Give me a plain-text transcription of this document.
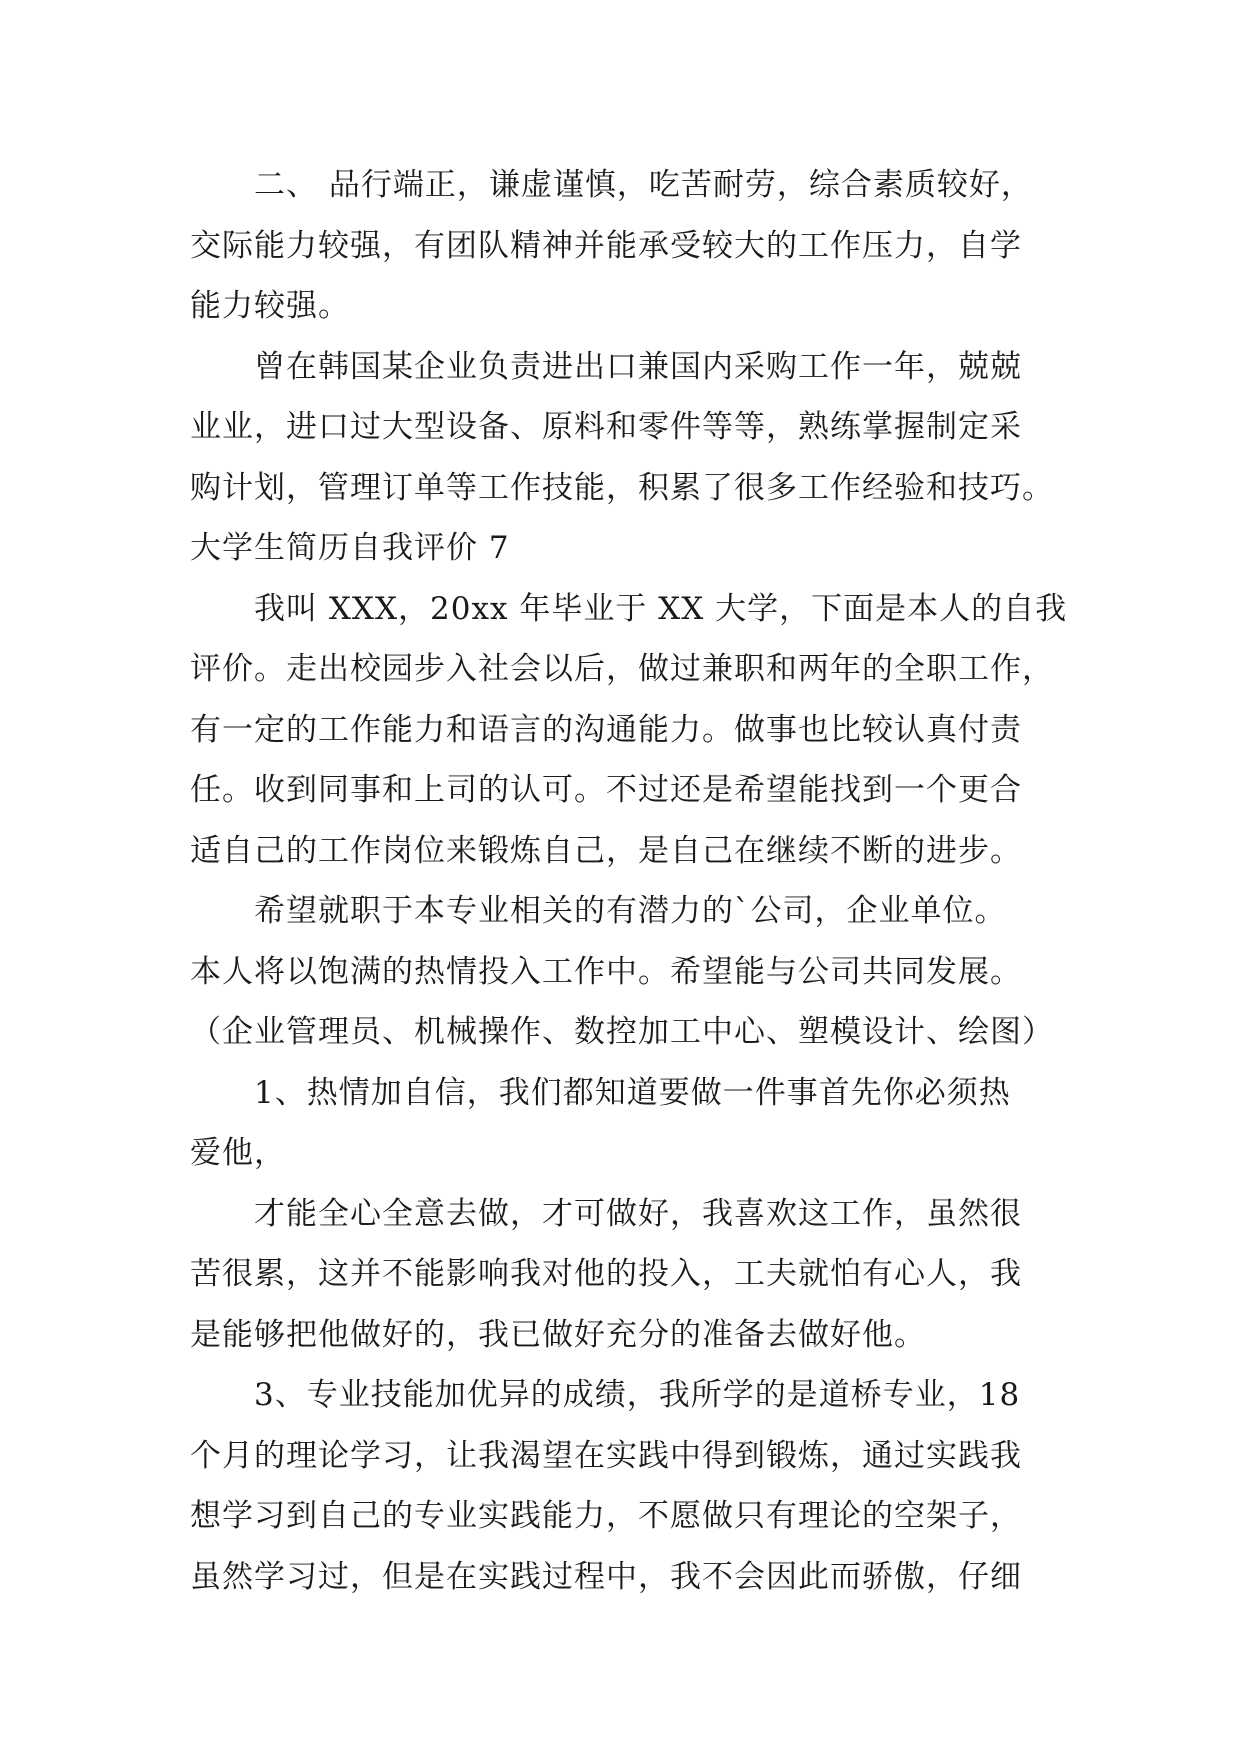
二、 品行端正，谦虚谨慎，吃苦耐劳，综合素质较好，
交际能力较强，有团队精神并能承受较大的工作压力，自学
能力较强。
曾在韩国某企业负责进出口兼国内采购工作一年，兢兢
业业，进口过大型设备、原料和零件等等，熟练掌握制定采
购计划，管理订单等工作技能，积累了很多工作经验和技巧。
大学生简历自我评价 7
我叫 XXX，20xx 年毕业于 XX 大学，下面是本人的自我
评价。走出校园步入社会以后，做过兼职和两年的全职工作，
有一定的工作能力和语言的沟通能力。做事也比较认真付责
任。收到同事和上司的认可。不过还是希望能找到一个更合
适自己的工作岗位来锻炼自己，是自己在继续不断的进步。
希望就职于本专业相关的有潜力的`公司，企业单位。
本人将以饱满的热情投入工作中。希望能与公司共同发展。
（企业管理员、机械操作、数控加工中心、塑模设计、绘图）
1、热情加自信，我们都知道要做一件事首先你必须热
爱他，
才能全心全意去做，才可做好，我喜欢这工作，虽然很
苦很累，这并不能影响我对他的投入，工夫就怕有心人，我
是能够把他做好的，我已做好充分的准备去做好他。
3、专业技能加优异的成绩，我所学的是道桥专业，18
个月的理论学习，让我渴望在实践中得到锻炼，通过实践我
想学习到自己的专业实践能力，不愿做只有理论的空架子，
虽然学习过，但是在实践过程中，我不会因此而骄傲，仔细
